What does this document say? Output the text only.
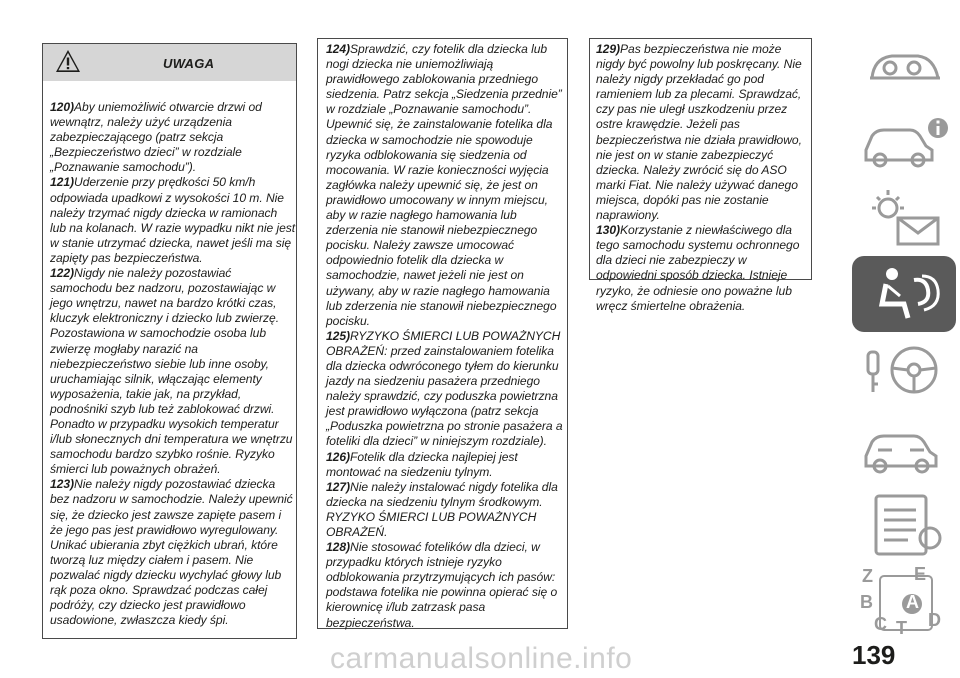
UWAGA

120)Aby uniemożliwić otwarcie drzwi od wewnątrz, należy użyć urządzenia zabezpieczającego (patrz sekcja „Bezpieczeństwo dzieci” w rozdziale „Poznawanie samochodu”).

121)Uderzenie przy prędkości 50 km/h odpowiada upadkowi z wysokości 10 m. Nie należy trzymać nigdy dziecka w ramionach lub na kolanach. W razie wypadku nikt nie jest w stanie utrzymać dziecka, nawet jeśli ma się zapięty pas bezpieczeństwa.

122)Nigdy nie należy pozostawiać samochodu bez nadzoru, pozostawiając w jego wnętrzu, nawet na bardzo krótki czas, kluczyk elektroniczny i dziecko lub zwierzę. Pozostawiona w samochodzie osoba lub zwierzę mogłaby narazić na niebezpieczeństwo siebie lub inne osoby, uruchamiając silnik, włączając elementy wyposażenia, takie jak, na przykład, podnośniki szyb lub też zablokować drzwi. Ponadto w przypadku wysokich temperatur i/lub słonecznych dni temperatura we wnętrzu samochodu bardzo szybko rośnie. Ryzyko śmierci lub poważnych obrażeń.

123)Nie należy nigdy pozostawiać dziecka bez nadzoru w samochodzie. Należy upewnić się, że dziecko jest zawsze zapięte pasem i że jego pas jest prawidłowo wyregulowany. Unikać ubierania zbyt ciężkich ubrań, które tworzą luz między ciałem i pasem. Nie pozwalać nigdy dziecku wychylać głowy lub rąk poza okno. Sprawdzać podczas całej podróży, czy dziecko jest prawidłowo usadowione, zwłaszcza kiedy śpi.

124)Sprawdzić, czy fotelik dla dziecka lub nogi dziecka nie uniemożliwiają prawidłowego zablokowania przedniego siedzenia. Patrz sekcja „Siedzenia przednie” w rozdziale „Poznawanie samochodu”. Upewnić się, że zainstalowanie fotelika dla dziecka w samochodzie nie spowoduje ryzyka odblokowania się siedzenia od mocowania. W razie konieczności wyjęcia zagłówka należy upewnić się, że jest on prawidłowo umocowany w innym miejscu, aby w razie nagłego hamowania lub zderzenia nie stanowił niebezpiecznego pocisku. Należy zawsze umocować odpowiednio fotelik dla dziecka w samochodzie, nawet jeżeli nie jest on używany, aby w razie nagłego hamowania lub zderzenia nie stanowił niebezpiecznego pocisku.

125)RYZYKO ŚMIERCI LUB POWAŻNYCH OBRAŻEŃ: przed zainstalowaniem fotelika dla dziecka odwróconego tyłem do kierunku jazdy na siedzeniu pasażera przedniego należy sprawdzić, czy poduszka powietrzna jest prawidłowo wyłączona (patrz sekcja „Poduszka powietrzna po stronie pasażera a foteliki dla dzieci” w niniejszym rozdziale).

126)Fotelik dla dziecka najlepiej jest montować na siedzeniu tylnym.

127)Nie należy instalować nigdy fotelika dla dziecka na siedzeniu tylnym środkowym. RYZYKO ŚMIERCI LUB POWAŻNYCH OBRAŻEŃ.

128)Nie stosować fotelików dla dzieci, w przypadku których istnieje ryzyko odblokowania przytrzymujących ich pasów: podstawa fotelika nie powinna opierać się o kierownicę i/lub zatrzask pasa bezpieczeństwa.

129)Pas bezpieczeństwa nie może nigdy być powolny lub poskręcany. Nie należy nigdy przekładać go pod ramieniem lub za plecami. Sprawdzać, czy pas nie uległ uszkodzeniu przez ostre krawędzie. Jeżeli pas bezpieczeństwa nie działa prawidłowo, nie jest on w stanie zabezpieczyć dziecka. Należy zwrócić się do ASO marki Fiat. Nie należy używać danego miejsca, dopóki pas nie zostanie naprawiony.

130)Korzystanie z niewłaściwego dla tego samochodu systemu ochronnego dla dzieci nie zabezpieczy w odpowiedni sposób dziecka. Istnieje ryzyko, że odniesie ono poważne lub wręcz śmiertelne obrażenia.

Z E
B A
C T D
carmanualsonline.info	139
